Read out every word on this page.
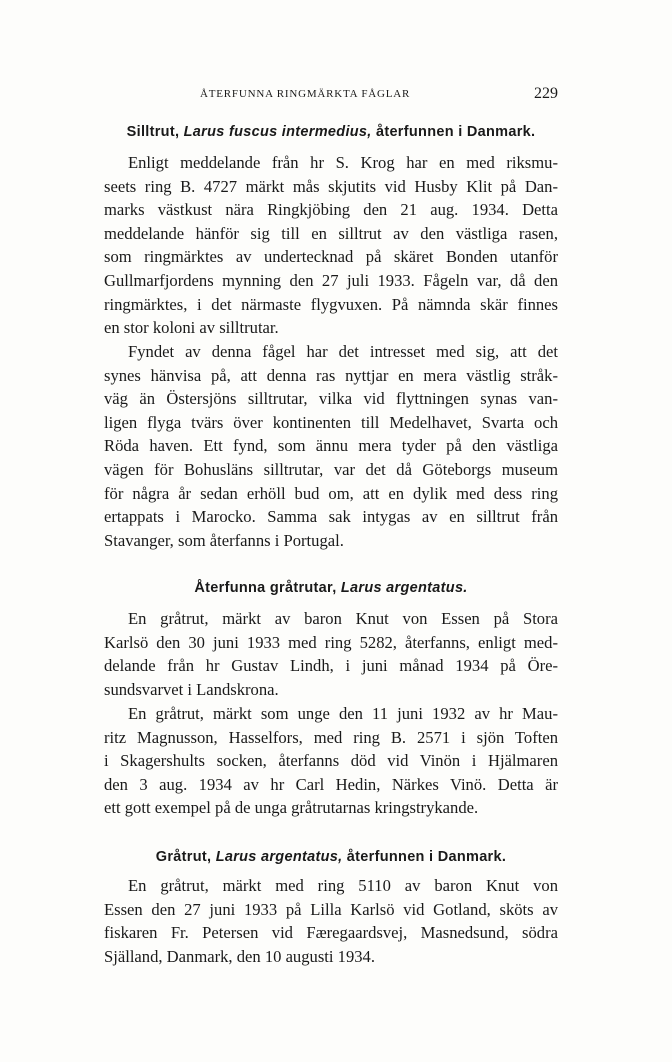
ÅTERFUNNA RINGMÄRKTA FÅGLAR	229
Silltrut, Larus fuscus intermedius, återfunnen i Danmark.

Enligt meddelande från hr S. Krog har en med riksmu-
seets ring B. 4727 märkt mås skjutits vid Husby Klit på Dan-
marks västkust nära Ringkjöbing den 21 aug. 1934. Detta
meddelande hänför sig till en silltrut av den västliga rasen,
som ringmärktes av undertecknad på skäret Bonden utanför
Gullmarfjordens mynning den 27 juli 1933. Fågeln var, då den
ringmärktes, i det närmaste flygvuxen. På nämnda skär finnes
en stor koloni av silltrutar.

Fyndet av denna fågel har det intresset med sig, att det
synes hänvisa på, att denna ras nyttjar en mera västlig stråk-
väg än Östersjöns silltrutar, vilka vid flyttningen synas van-
ligen flyga tvärs över kontinenten till Medelhavet, Svarta och
Röda haven. Ett fynd, som ännu mera tyder på den västliga
vägen för Bohusläns silltrutar, var det då Göteborgs museum
för några år sedan erhöll bud om, att en dylik med dess ring
ertappats i Marocko. Samma sak intygas av en silltrut från
Stavanger, som återfanns i Portugal.

Återfunna gråtrutar, Larus argentatus.

En gråtrut, märkt av baron Knut von Essen på Stora
Karlsö den 30 juni 1933 med ring 5282, återfanns, enligt med-
delande från hr Gustav Lindh, i juni månad 1934 på Öre-
sundsvarvet i Landskrona.

En gråtrut, märkt som unge den 11 juni 1932 av hr Mau-
ritz Magnusson, Hasselfors, med ring B. 2571 i sjön Toften
i Skagershults socken, återfanns död vid Vinön i Hjälmaren
den 3 aug. 1934 av hr Carl Hedin, Närkes Vinö. Detta är
ett gott exempel på de unga gråtrutarnas kringstrykande.

Gråtrut, Larus argentatus, återfunnen i Danmark.

En gråtrut, märkt med ring 5110 av baron Knut von
Essen den 27 juni 1933 på Lilla Karlsö vid Gotland, sköts av
fiskaren Fr. Petersen vid Færegaardsvej, Masnedsund, södra
Själland, Danmark, den 10 augusti 1934.
